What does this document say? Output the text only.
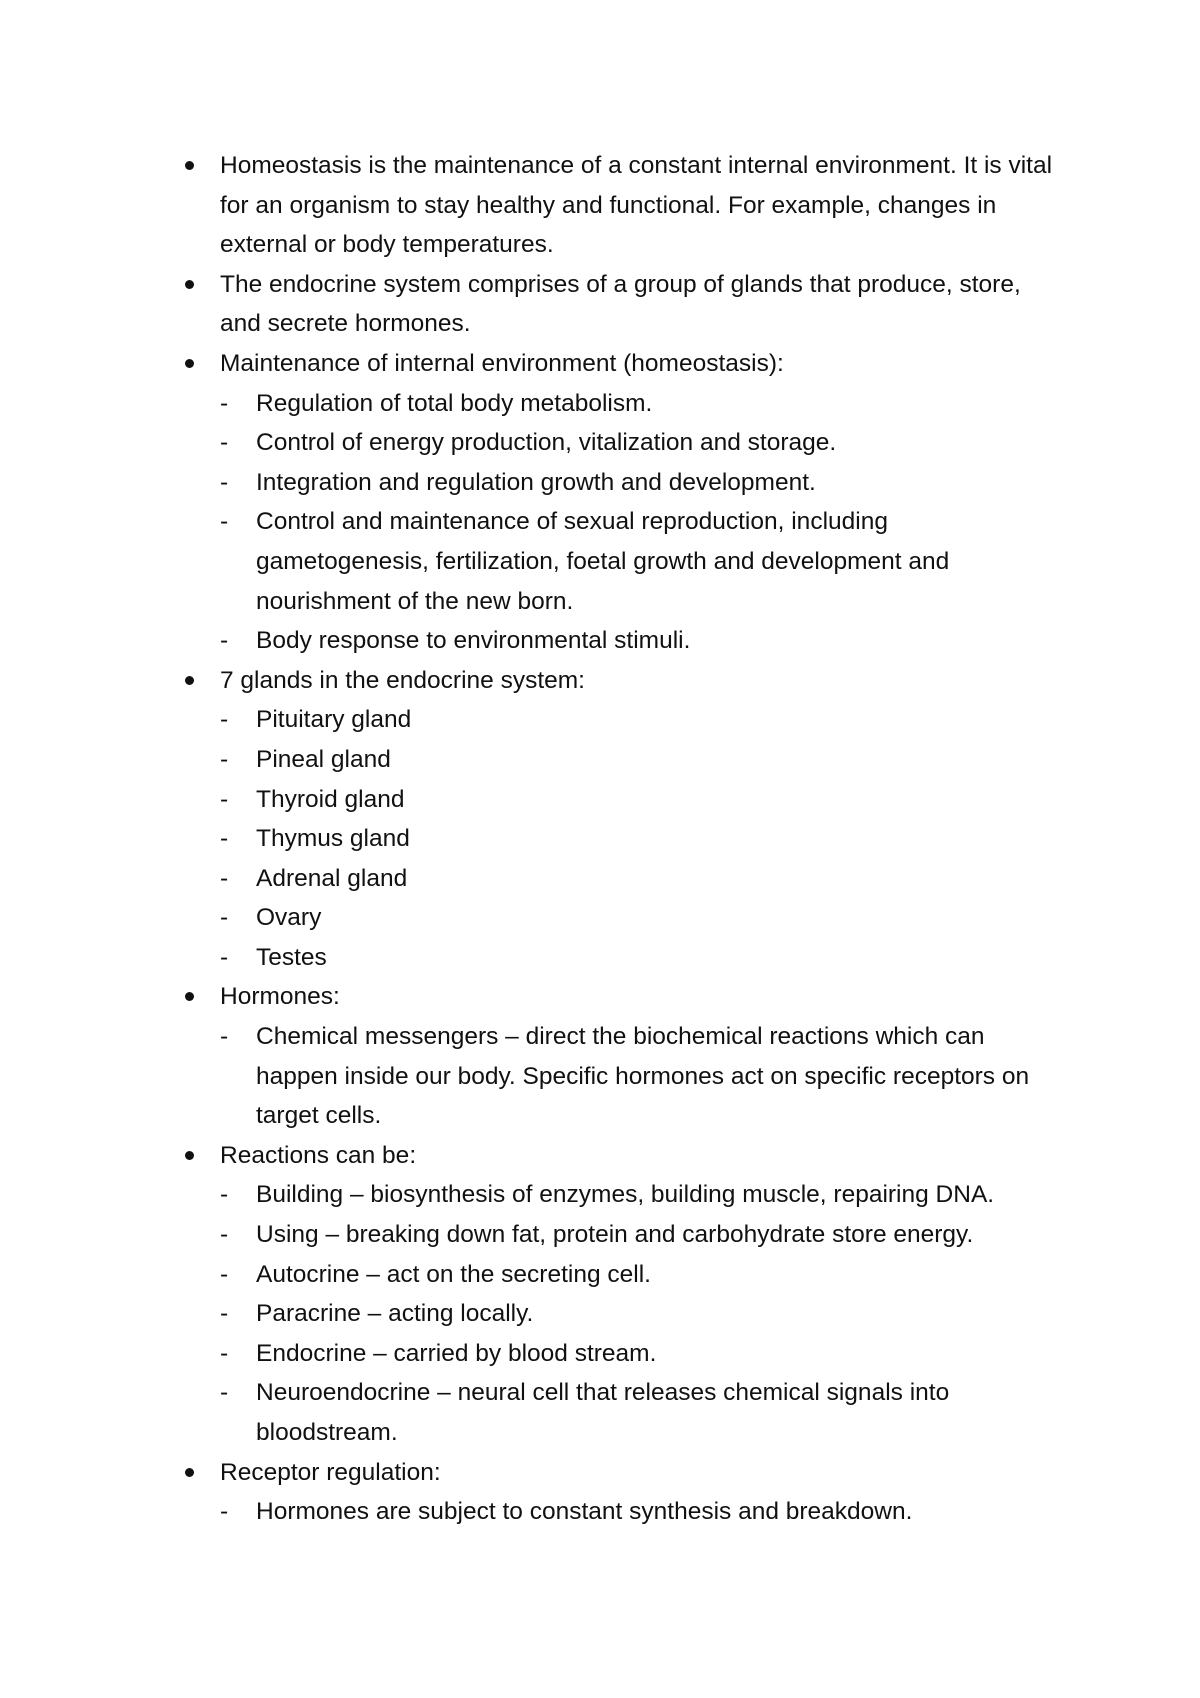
Homeostasis is the maintenance of a constant internal environment. It is vital for an organism to stay healthy and functional. For example, changes in external or body temperatures.
The endocrine system comprises of a group of glands that produce, store, and secrete hormones.
Maintenance of internal environment (homeostasis):
- Regulation of total body metabolism.
- Control of energy production, vitalization and storage.
- Integration and regulation growth and development.
- Control and maintenance of sexual reproduction, including gametogenesis, fertilization, foetal growth and development and nourishment of the new born.
- Body response to environmental stimuli.
7 glands in the endocrine system:
- Pituitary gland
- Pineal gland
- Thyroid gland
- Thymus gland
- Adrenal gland
- Ovary
- Testes
Hormones:
- Chemical messengers – direct the biochemical reactions which can happen inside our body. Specific hormones act on specific receptors on target cells.
Reactions can be:
- Building – biosynthesis of enzymes, building muscle, repairing DNA.
- Using – breaking down fat, protein and carbohydrate store energy.
- Autocrine – act on the secreting cell.
- Paracrine – acting locally.
- Endocrine – carried by blood stream.
- Neuroendocrine – neural cell that releases chemical signals into bloodstream.
Receptor regulation:
- Hormones are subject to constant synthesis and breakdown.
